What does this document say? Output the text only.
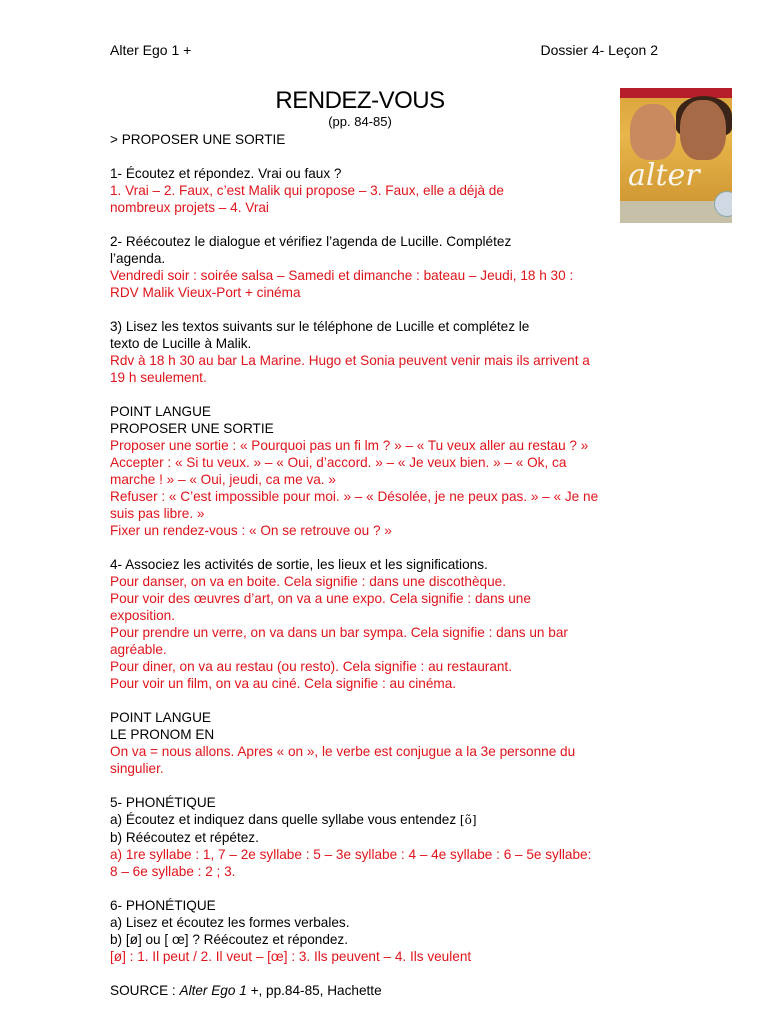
Alter Ego 1 +	Dossier 4- Leçon 2
RENDEZ-VOUS
(pp. 84-85)
alter

> PROPOSER UNE SORTIE

1- Écoutez et répondez. Vrai ou faux ?

1. Vrai – 2. Faux, c’est Malik qui propose – 3. Faux, elle a déjà de

nombreux projets – 4. Vrai

2- Réécoutez le dialogue et vérifiez l’agenda de Lucille. Complétez

l’agenda.

Vendredi soir : soirée salsa – Samedi et dimanche : bateau – Jeudi, 18 h 30 :

RDV Malik Vieux-Port + cinéma

3) Lisez les textos suivants sur le téléphone de Lucille et complétez le

texto de Lucille à Malik.

Rdv à 18 h 30 au bar La Marine. Hugo et Sonia peuvent venir mais ils arrivent a

19 h seulement.

POINT LANGUE

PROPOSER UNE SORTIE

Proposer une sortie : « Pourquoi pas un fi lm ? » – « Tu veux aller au restau ? »

Accepter : « Si tu veux. » – « Oui, d’accord. » – « Je veux bien. » – « Ok, ca

marche ! » – « Oui, jeudi, ca me va. »

Refuser : « C’est impossible pour moi. » – « Désolée, je ne peux pas. » – « Je ne

suis pas libre. »

Fixer un rendez-vous : « On se retrouve ou ? »

4- Associez les activités de sortie, les lieux et les significations.

Pour danser, on va en boite. Cela signifie : dans une discothèque.

Pour voir des œuvres d’art, on va a une expo. Cela signifie : dans une

exposition.

Pour prendre un verre, on va dans un bar sympa. Cela signifie : dans un bar

agréable.

Pour diner, on va au restau (ou resto). Cela signifie : au restaurant.

Pour voir un film, on va au ciné. Cela signifie : au cinéma.

POINT LANGUE

LE PRONOM EN

On va = nous allons. Apres « on », le verbe est conjugue a la 3e personne du

singulier.

5- PHONÉTIQUE

a) Écoutez et indiquez dans quelle syllabe vous entendez [õ]

b) Réécoutez et répétez.

a) 1re syllabe : 1, 7 – 2e syllabe : 5 – 3e syllabe : 4 – 4e syllabe : 6 – 5e syllabe:

8 – 6e syllabe : 2 ; 3.

6- PHONÉTIQUE

a) Lisez et écoutez les formes verbales.

b) [ø] ou [ œ] ? Réécoutez et répondez.

[ø] : 1. Il peut / 2. Il veut – [œ] : 3. Ils peuvent – 4. Ils veulent

SOURCE : Alter Ego 1 +, pp.84-85, Hachette
